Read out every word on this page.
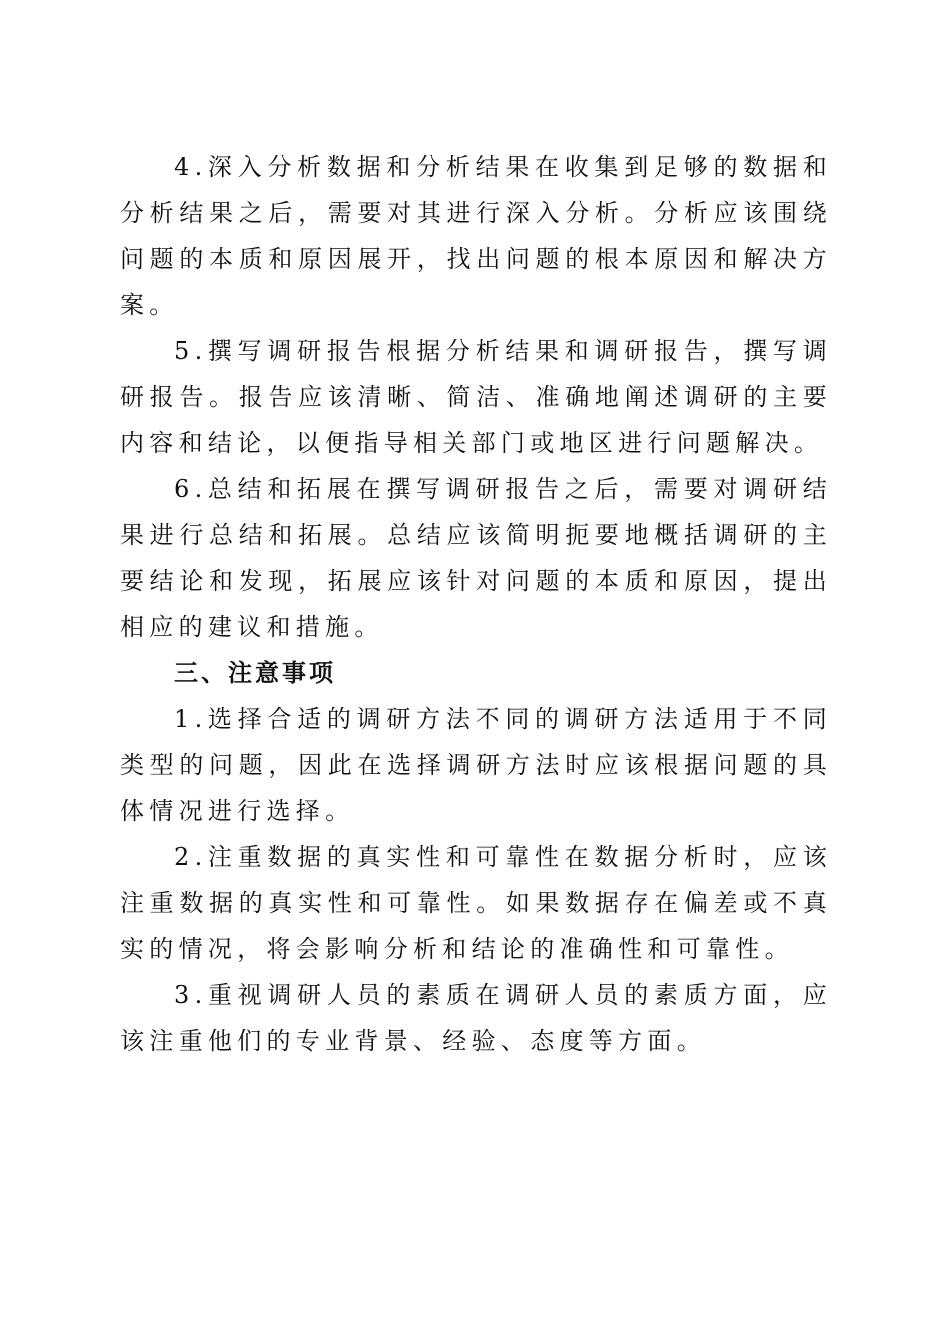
4.深入分析数据和分析结果在收集到足够的数据和分析结果之后，需要对其进行深入分析。分析应该围绕问题的本质和原因展开，找出问题的根本原因和解决方案。

5.撰写调研报告根据分析结果和调研报告，撰写调研报告。报告应该清晰、简洁、准确地阐述调研的主要内容和结论，以便指导相关部门或地区进行问题解决。

6.总结和拓展在撰写调研报告之后，需要对调研结果进行总结和拓展。总结应该简明扼要地概括调研的主要结论和发现，拓展应该针对问题的本质和原因，提出相应的建议和措施。

三、注意事项

1.选择合适的调研方法不同的调研方法适用于不同类型的问题，因此在选择调研方法时应该根据问题的具体情况进行选择。

2.注重数据的真实性和可靠性在数据分析时，应该注重数据的真实性和可靠性。如果数据存在偏差或不真实的情况，将会影响分析和结论的准确性和可靠性。

3.重视调研人员的素质在调研人员的素质方面，应该注重他们的专业背景、经验、态度等方面。
